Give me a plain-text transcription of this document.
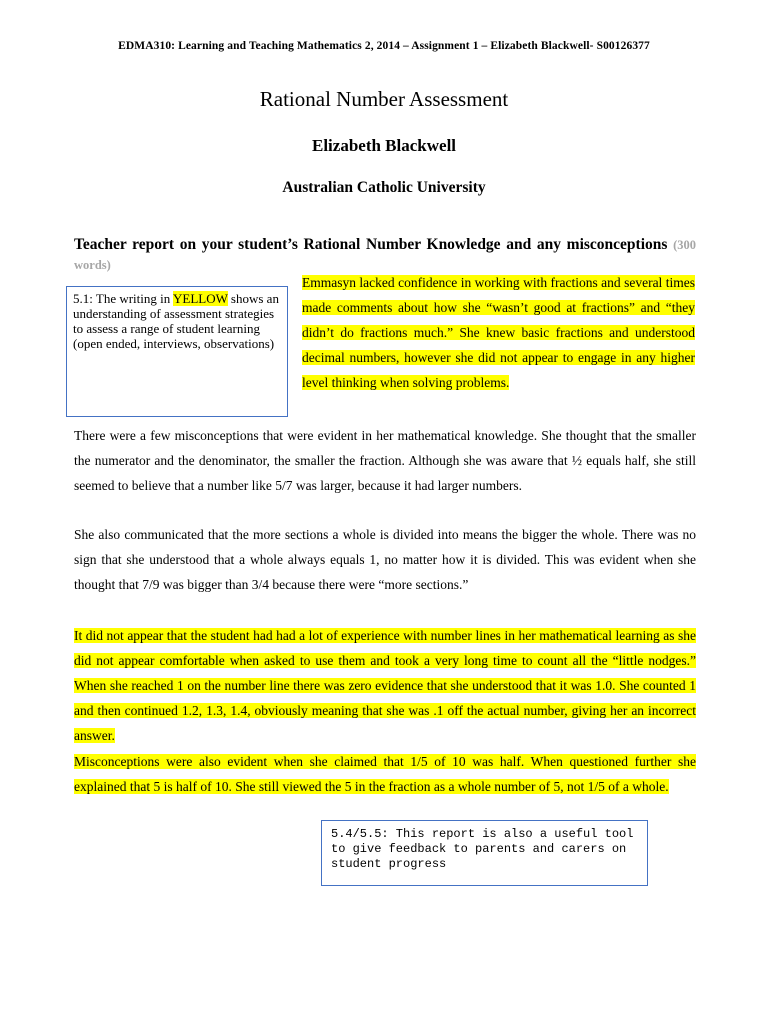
EDMA310: Learning and Teaching Mathematics 2, 2014 – Assignment 1 – Elizabeth Blackwell- S00126377
Rational Number Assessment
Elizabeth Blackwell
Australian Catholic University
Teacher report on your student’s Rational Number Knowledge and any misconceptions (300 words)
5.1: The writing in YELLOW shows an understanding of assessment strategies to assess a range of student learning (open ended, interviews, observations)

Emmasyn lacked confidence in working with fractions and several times made comments about how she “wasn’t good at fractions” and “they didn’t do fractions much.” She knew basic fractions and understood decimal numbers, however she did not appear to engage in any higher level thinking when solving problems.

There were a few misconceptions that were evident in her mathematical knowledge. She thought that the smaller the numerator and the denominator, the smaller the fraction. Although she was aware that ½ equals half, she still seemed to believe that a number like 5/7 was larger, because it had larger numbers.

She also communicated that the more sections a whole is divided into means the bigger the whole. There was no sign that she understood that a whole always equals 1, no matter how it is divided. This was evident when she thought that 7/9 was bigger than 3/4 because there were “more sections.”

It did not appear that the student had had a lot of experience with number lines in her mathematical learning as she did not appear comfortable when asked to use them and took a very long time to count all the “little nodges.” When she reached 1 on the number line there was zero evidence that she understood that it was 1.0. She counted 1 and then continued 1.2, 1.3, 1.4, obviously meaning that she was .1 off the actual number, giving her an incorrect answer.

Misconceptions were also evident when she claimed that 1/5 of 10 was half. When questioned further she explained that 5 is half of 10. She still viewed the 5 in the fraction as a whole number of 5, not 1/5 of a whole.

5.4/5.5: This report is also a useful tool to give feedback to parents and carers on student progress
